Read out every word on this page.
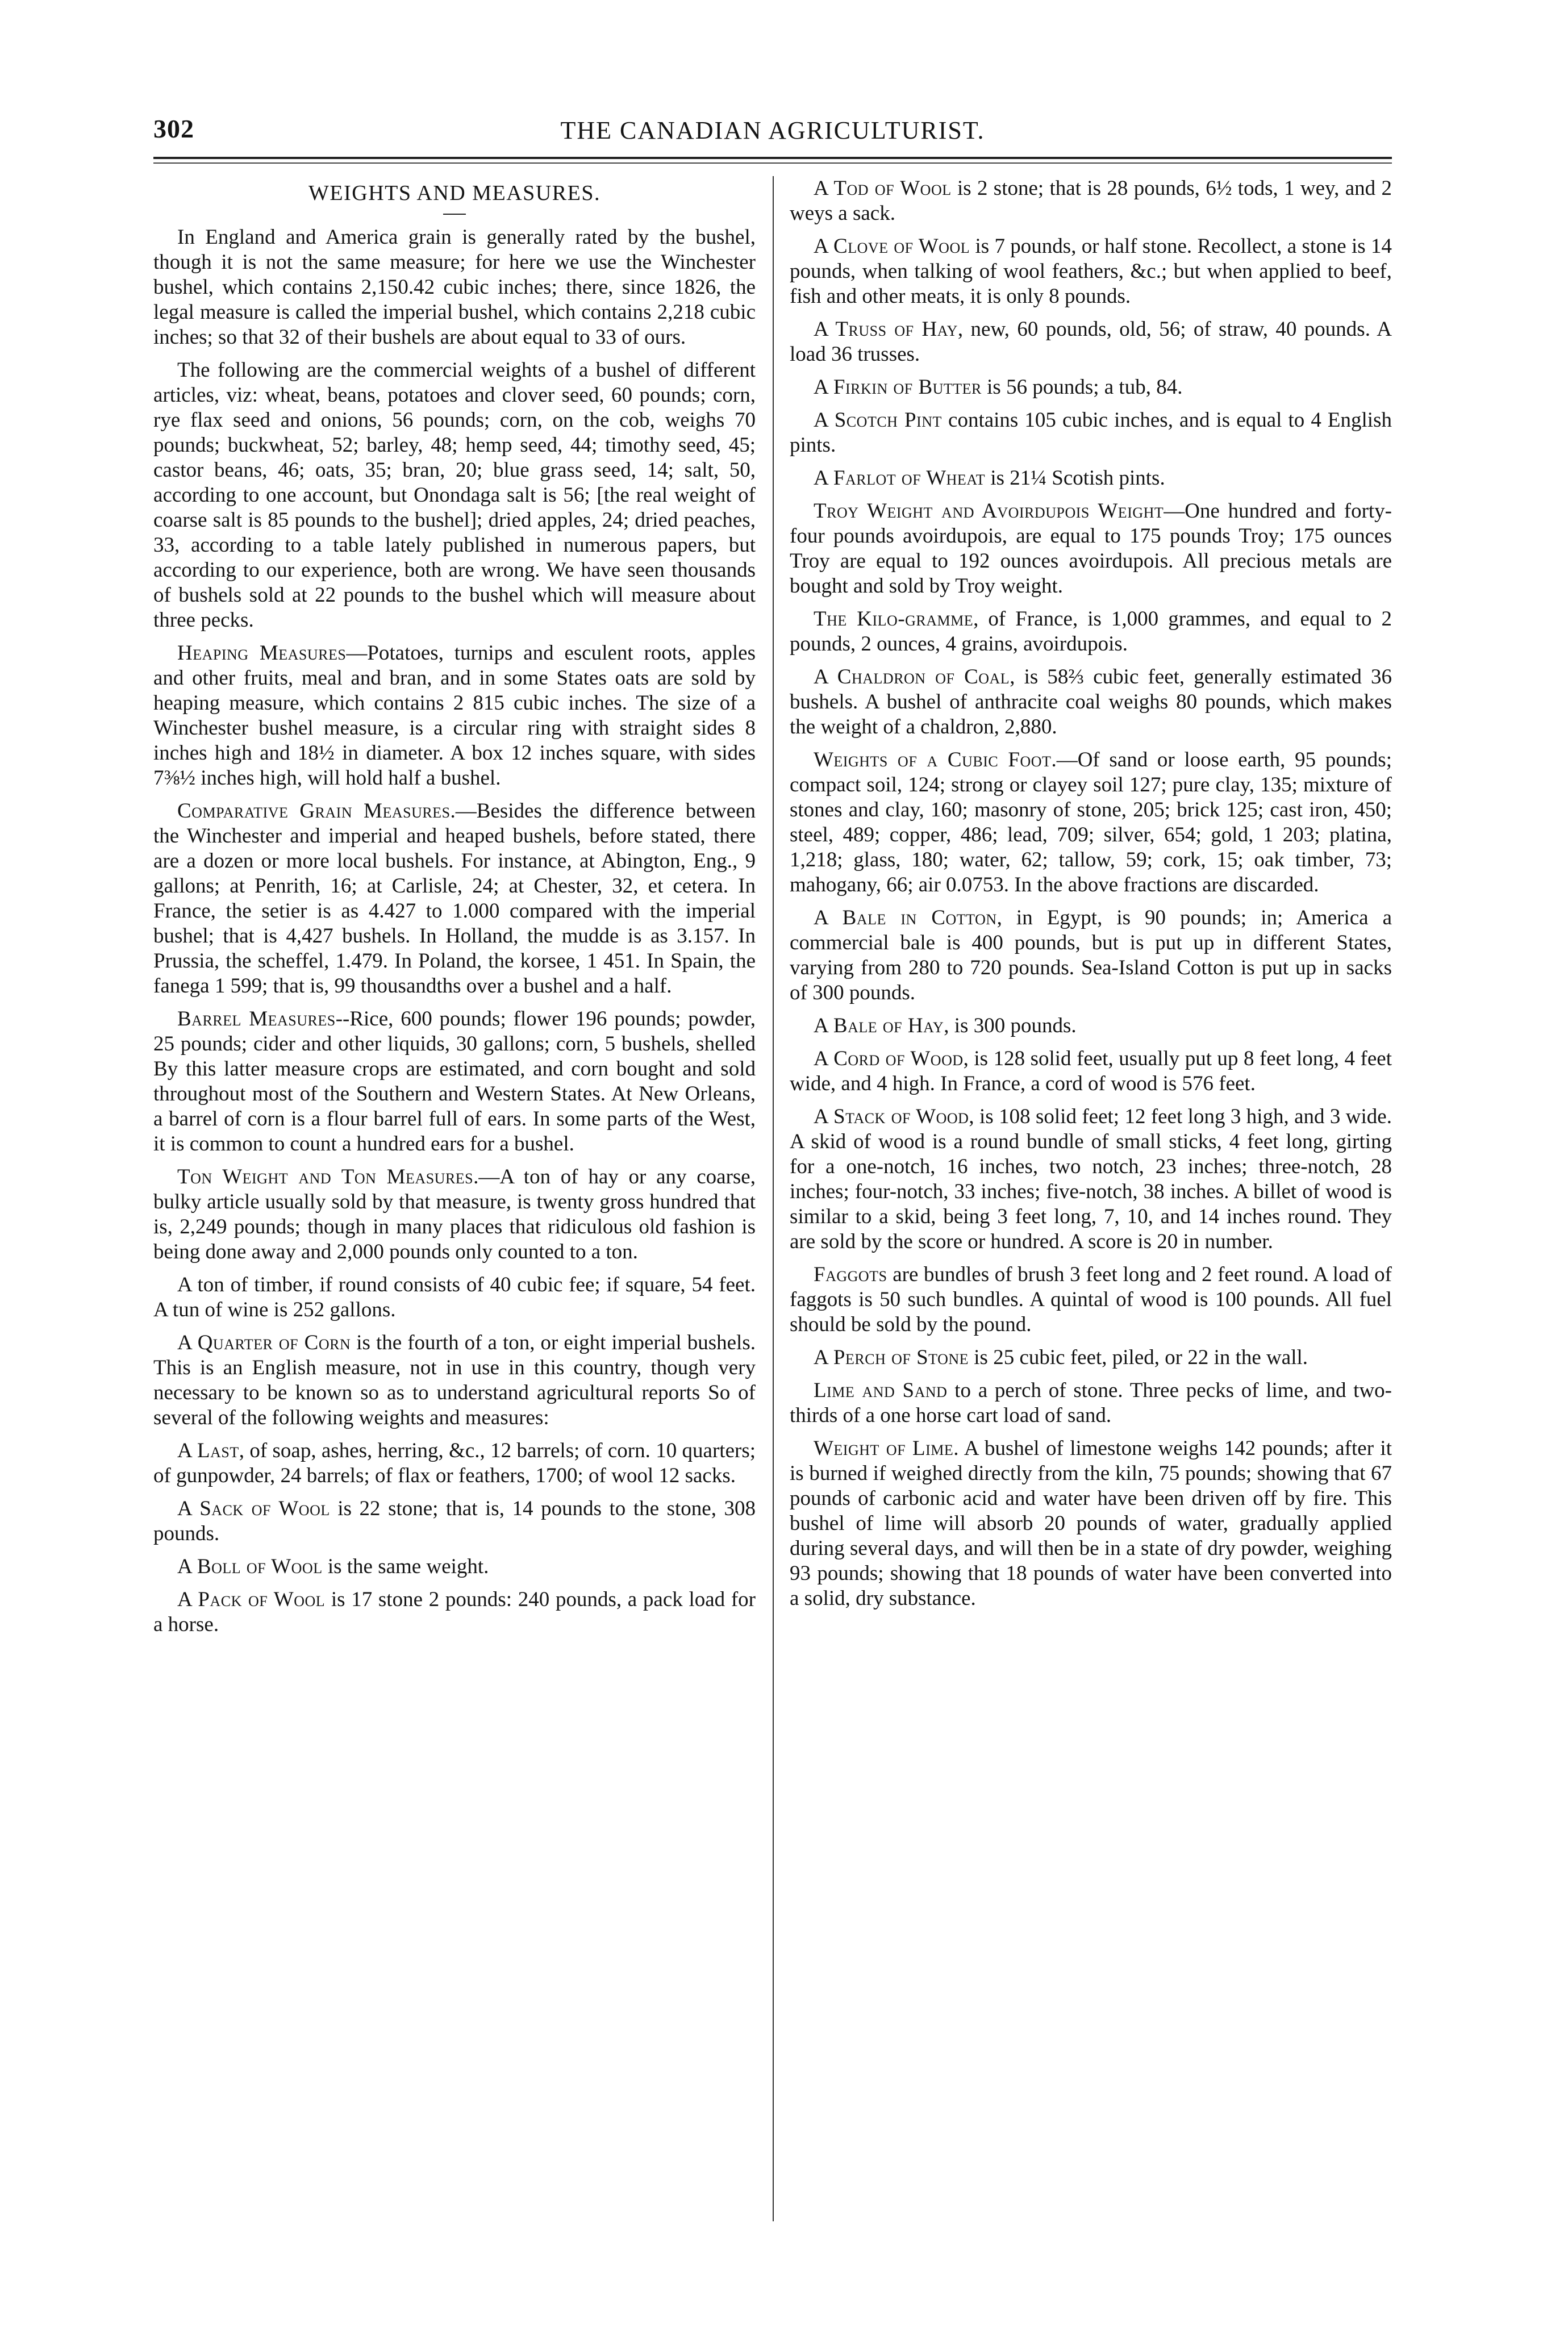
302	THE CANADIAN AGRICULTURIST.
WEIGHTS AND MEASURES.

In England and America grain is generally rated by the bushel, though it is not the same measure; for here we use the Winchester bushel, which contains 2,150.42 cubic inches; there, since 1826, the legal measure is called the imperial bushel, which contains 2,218 cubic inches; so that 32 of their bushels are about equal to 33 of ours.

The following are the commercial weights of a bushel of different articles, viz: wheat, beans, potatoes and clover seed, 60 pounds; corn, rye flax seed and onions, 56 pounds; corn, on the cob, weighs 70 pounds; buckwheat, 52; barley, 48; hemp seed, 44; timothy seed, 45; castor beans, 46; oats, 35; bran, 20; blue grass seed, 14; salt, 50, according to one account, but Onondaga salt is 56; [the real weight of coarse salt is 85 pounds to the bushel]; dried apples, 24; dried peaches, 33, according to a table lately published in numerous papers, but according to our experience, both are wrong. We have seen thousands of bushels sold at 22 pounds to the bushel which will measure about three pecks.

Heaping Measures—Potatoes, turnips and esculent roots, apples and other fruits, meal and bran, and in some States oats are sold by heaping measure, which contains 2 815 cubic inches. The size of a Winchester bushel measure, is a circular ring with straight sides 8 inches high and 18½ in diameter. A box 12 inches square, with sides 7⅜½ inches high, will hold half a bushel.

Comparative Grain Measures.—Besides the difference between the Winchester and imperial and heaped bushels, before stated, there are a dozen or more local bushels. For instance, at Abington, Eng., 9 gallons; at Penrith, 16; at Carlisle, 24; at Chester, 32, et cetera. In France, the setier is as 4.427 to 1.000 compared with the imperial bushel; that is 4,427 bushels. In Holland, the mudde is as 3.157. In Prussia, the scheffel, 1.479. In Poland, the korsee, 1 451. In Spain, the fanega 1 599; that is, 99 thousandths over a bushel and a half.

Barrel Measures--Rice, 600 pounds; flower 196 pounds; powder, 25 pounds; cider and other liquids, 30 gallons; corn, 5 bushels, shelled By this latter measure crops are estimated, and corn bought and sold throughout most of the Southern and Western States. At New Orleans, a barrel of corn is a flour barrel full of ears. In some parts of the West, it is common to count a hundred ears for a bushel.

Ton Weight and Ton Measures.—A ton of hay or any coarse, bulky article usually sold by that measure, is twenty gross hundred that is, 2,249 pounds; though in many places that ridiculous old fashion is being done away and 2,000 pounds only counted to a ton.

A ton of timber, if round consists of 40 cubic fee; if square, 54 feet. A tun of wine is 252 gallons.

A Quarter of Corn is the fourth of a ton, or eight imperial bushels. This is an English measure, not in use in this country, though very necessary to be known so as to understand agricultural reports So of several of the following weights and measures:

A Last, of soap, ashes, herring, &c., 12 barrels; of corn. 10 quarters; of gunpowder, 24 barrels; of flax or feathers, 1700; of wool 12 sacks.

A Sack of Wool is 22 stone; that is, 14 pounds to the stone, 308 pounds.

A Boll of Wool is the same weight.

A Pack of Wool is 17 stone 2 pounds: 240 pounds, a pack load for a horse.

A Tod of Wool is 2 stone; that is 28 pounds, 6½ tods, 1 wey, and 2 weys a sack.

A Clove of Wool is 7 pounds, or half stone. Recollect, a stone is 14 pounds, when talking of wool feathers, &c.; but when applied to beef, fish and other meats, it is only 8 pounds.

A Truss of Hay, new, 60 pounds, old, 56; of straw, 40 pounds. A load 36 trusses.

A Firkin of Butter is 56 pounds; a tub, 84.

A Scotch Pint contains 105 cubic inches, and is equal to 4 English pints.

A Farlot of Wheat is 21¼ Scotish pints.

Troy Weight and Avoirdupois Weight—One hundred and forty-four pounds avoirdupois, are equal to 175 pounds Troy; 175 ounces Troy are equal to 192 ounces avoirdupois. All precious metals are bought and sold by Troy weight.

The Kilo-gramme, of France, is 1,000 grammes, and equal to 2 pounds, 2 ounces, 4 grains, avoirdupois.

A Chaldron of Coal, is 58⅔ cubic feet, generally estimated 36 bushels. A bushel of anthracite coal weighs 80 pounds, which makes the weight of a chaldron, 2,880.

Weights of a Cubic Foot.—Of sand or loose earth, 95 pounds; compact soil, 124; strong or clayey soil 127; pure clay, 135; mixture of stones and clay, 160; masonry of stone, 205; brick 125; cast iron, 450; steel, 489; copper, 486; lead, 709; silver, 654; gold, 1 203; platina, 1,218; glass, 180; water, 62; tallow, 59; cork, 15; oak timber, 73; mahogany, 66; air 0.0753. In the above fractions are discarded.

A Bale in Cotton, in Egypt, is 90 pounds; in; America a commercial bale is 400 pounds, but is put up in different States, varying from 280 to 720 pounds. Sea-Island Cotton is put up in sacks of 300 pounds.

A Bale of Hay, is 300 pounds.

A Cord of Wood, is 128 solid feet, usually put up 8 feet long, 4 feet wide, and 4 high. In France, a cord of wood is 576 feet.

A Stack of Wood, is 108 solid feet; 12 feet long 3 high, and 3 wide. A skid of wood is a round bundle of small sticks, 4 feet long, girting for a one-notch, 16 inches, two notch, 23 inches; three-notch, 28 inches; four-notch, 33 inches; five-notch, 38 inches. A billet of wood is similar to a skid, being 3 feet long, 7, 10, and 14 inches round. They are sold by the score or hundred. A score is 20 in number.

Faggots are bundles of brush 3 feet long and 2 feet round. A load of faggots is 50 such bundles. A quintal of wood is 100 pounds. All fuel should be sold by the pound.

A Perch of Stone is 25 cubic feet, piled, or 22 in the wall.

Lime and Sand to a perch of stone. Three pecks of lime, and two-thirds of a one horse cart load of sand.

Weight of Lime. A bushel of limestone weighs 142 pounds; after it is burned if weighed directly from the kiln, 75 pounds; showing that 67 pounds of carbonic acid and water have been driven off by fire. This bushel of lime will absorb 20 pounds of water, gradually applied during several days, and will then be in a state of dry powder, weighing 93 pounds; showing that 18 pounds of water have been converted into a solid, dry substance.
